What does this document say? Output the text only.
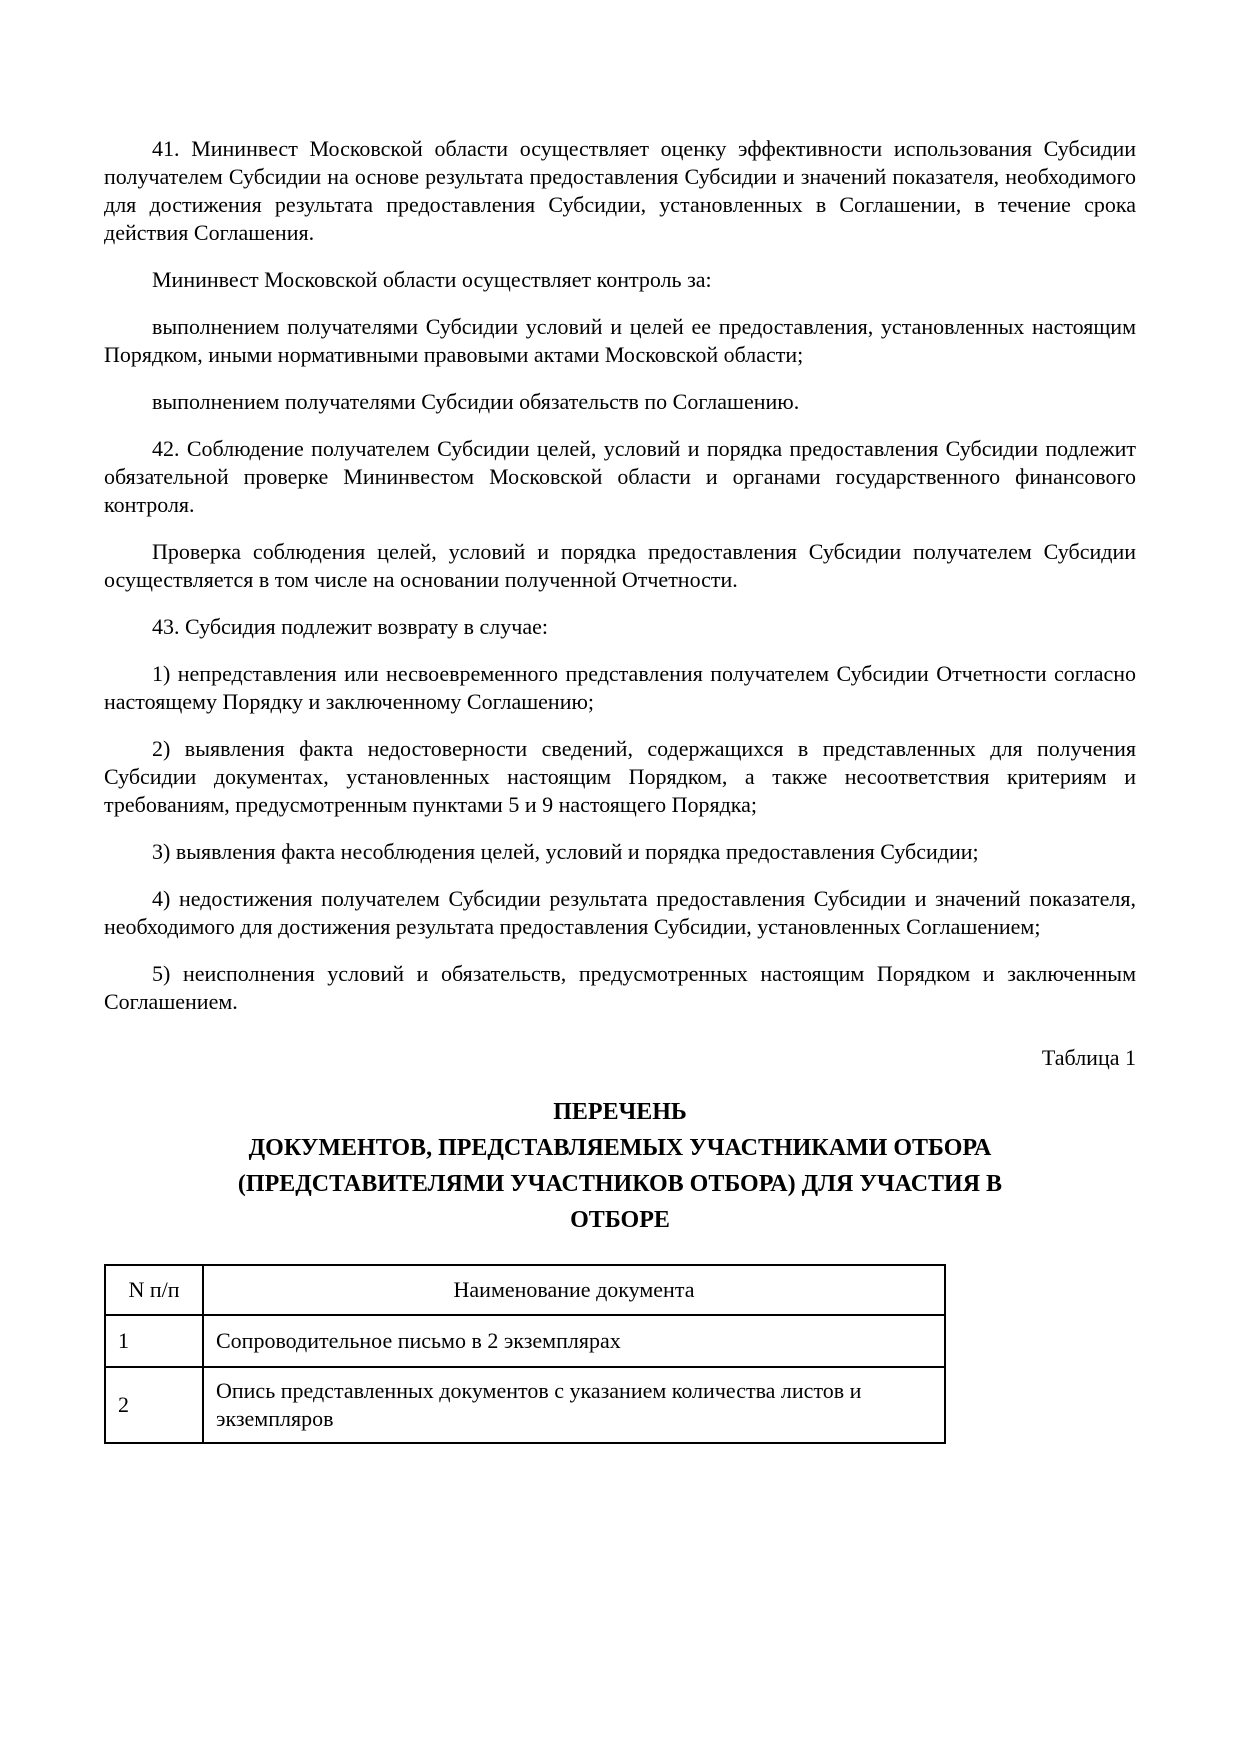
41. Мининвест Московской области осуществляет оценку эффективности использования Субсидии получателем Субсидии на основе результата предоставления Субсидии и значений показателя, необходимого для достижения результата предоставления Субсидии, установленных в Соглашении, в течение срока действия Соглашения.

Мининвест Московской области осуществляет контроль за:

выполнением получателями Субсидии условий и целей ее предоставления, установленных настоящим Порядком, иными нормативными правовыми актами Московской области;

выполнением получателями Субсидии обязательств по Соглашению.

42. Соблюдение получателем Субсидии целей, условий и порядка предоставления Субсидии подлежит обязательной проверке Мининвестом Московской области и органами государственного финансового контроля.

Проверка соблюдения целей, условий и порядка предоставления Субсидии получателем Субсидии осуществляется в том числе на основании полученной Отчетности.

43. Субсидия подлежит возврату в случае:

1) непредставления или несвоевременного представления получателем Субсидии Отчетности согласно настоящему Порядку и заключенному Соглашению;

2) выявления факта недостоверности сведений, содержащихся в представленных для получения Субсидии документах, установленных настоящим Порядком, а также несоответствия критериям и требованиям, предусмотренным пунктами 5 и 9 настоящего Порядка;

3) выявления факта несоблюдения целей, условий и порядка предоставления Субсидии;

4) недостижения получателем Субсидии результата предоставления Субсидии и значений показателя, необходимого для достижения результата предоставления Субсидии, установленных Соглашением;

5) неисполнения условий и обязательств, предусмотренных настоящим Порядком и заключенным Соглашением.

Таблица 1

ПЕРЕЧЕНЬ
ДОКУМЕНТОВ, ПРЕДСТАВЛЯЕМЫХ УЧАСТНИКАМИ ОТБОРА
(ПРЕДСТАВИТЕЛЯМИ УЧАСТНИКОВ ОТБОРА) ДЛЯ УЧАСТИЯ В
ОТБОРЕ
N п/п	Наименование документа
1	Сопроводительное письмо в 2 экземплярах
2	Опись представленных документов с указанием количества листов и экземпляров
